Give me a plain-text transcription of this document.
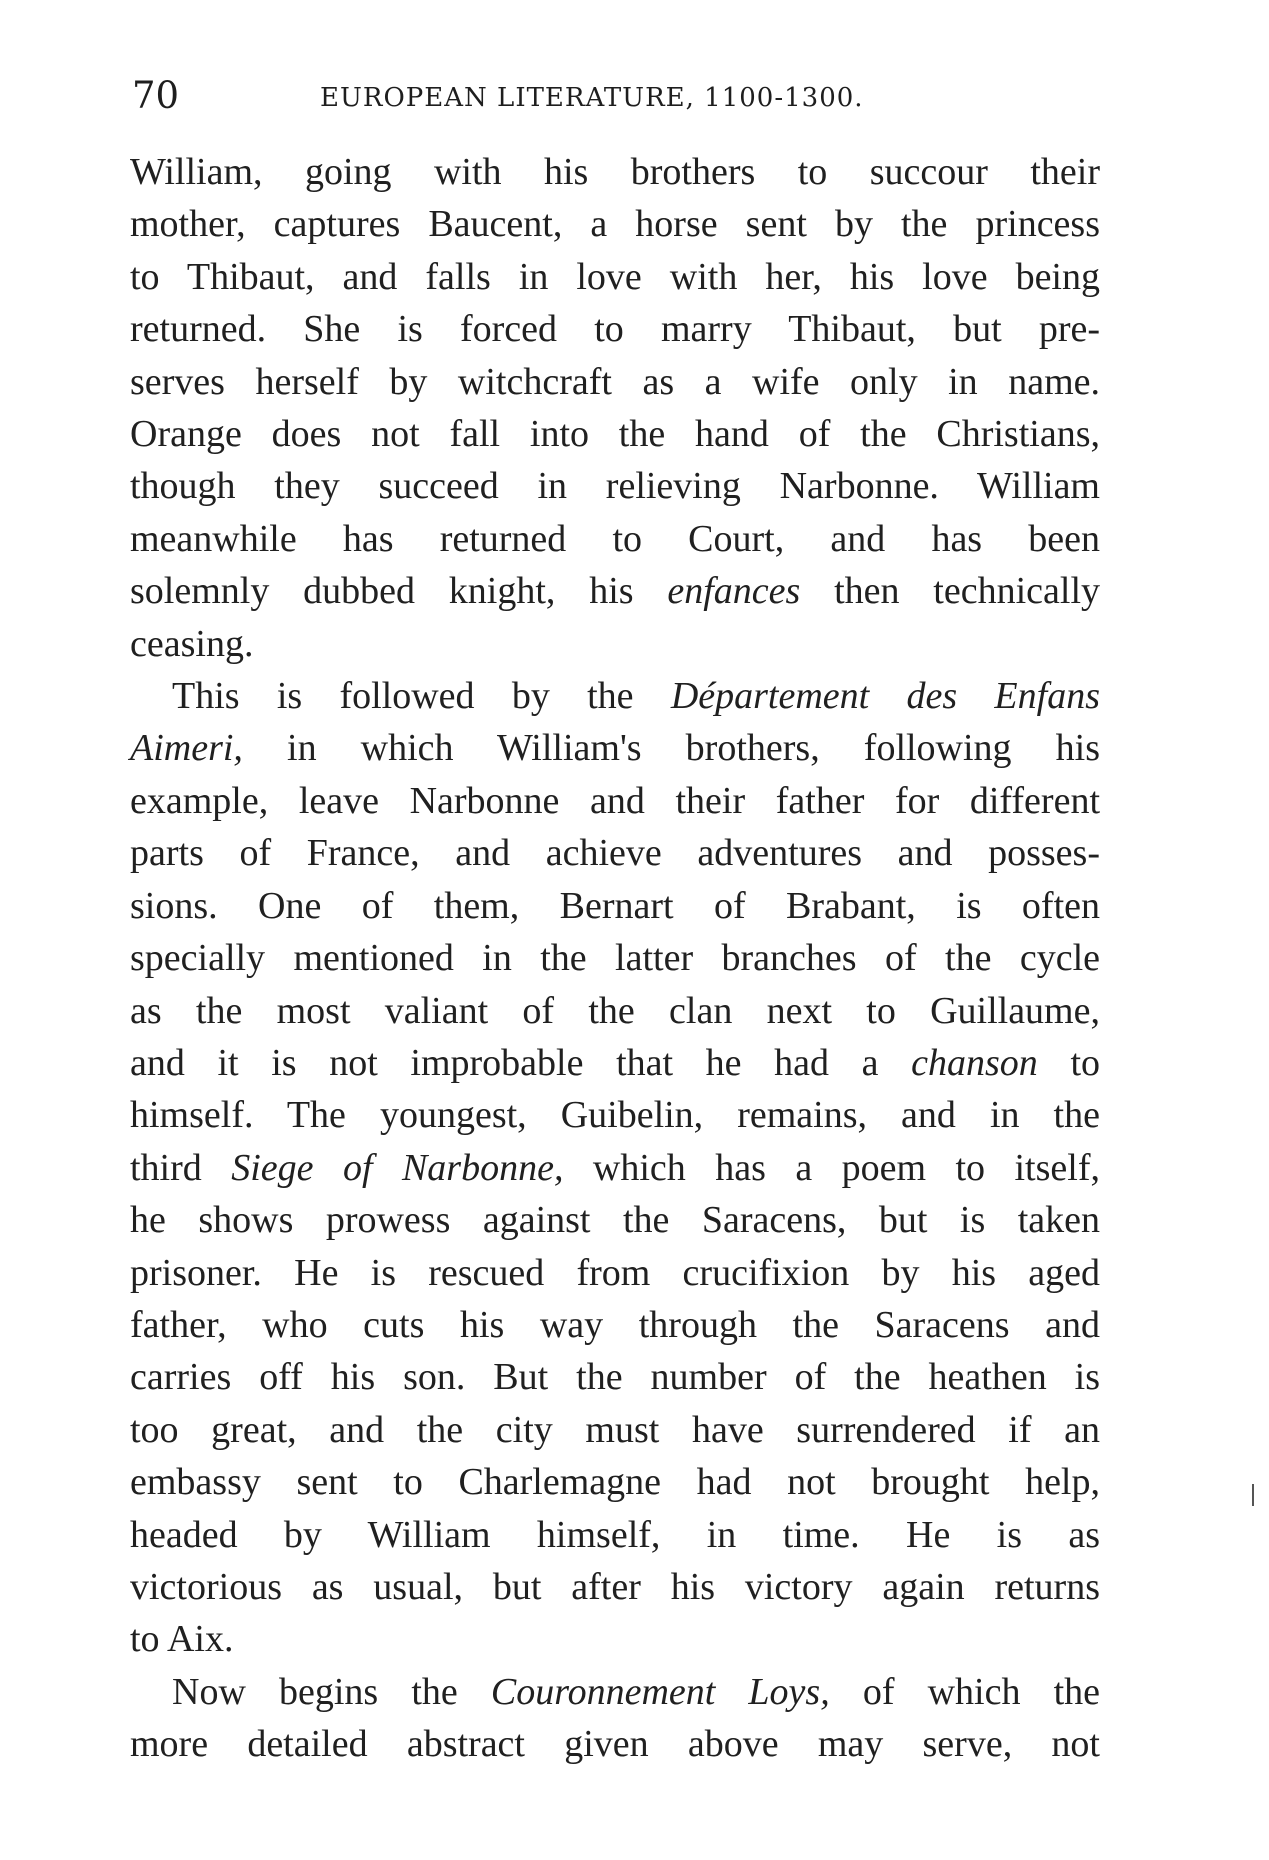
70	EUROPEAN LITERATURE, 1100-1300.

William, going with his brothers to succour their
mother, captures Baucent, a horse sent by the princess
to Thibaut, and falls in love with her, his love being
returned. She is forced to marry Thibaut, but pre-
serves herself by witchcraft as a wife only in name.
Orange does not fall into the hand of the Christians,
though they succeed in relieving Narbonne. William
meanwhile has returned to Court, and has been
solemnly dubbed knight, his enfances then technically
ceasing.

This is followed by the Département des Enfans
Aimeri, in which William's brothers, following his
example, leave Narbonne and their father for different
parts of France, and achieve adventures and posses-
sions. One of them, Bernart of Brabant, is often
specially mentioned in the latter branches of the cycle
as the most valiant of the clan next to Guillaume,
and it is not improbable that he had a chanson to
himself. The youngest, Guibelin, remains, and in the
third Siege of Narbonne, which has a poem to itself,
he shows prowess against the Saracens, but is taken
prisoner. He is rescued from crucifixion by his aged
father, who cuts his way through the Saracens and
carries off his son. But the number of the heathen is
too great, and the city must have surrendered if an
embassy sent to Charlemagne had not brought help,
headed by William himself, in time. He is as
victorious as usual, but after his victory again returns
to Aix.

Now begins the Couronnement Loys, of which the
more detailed abstract given above may serve, not
